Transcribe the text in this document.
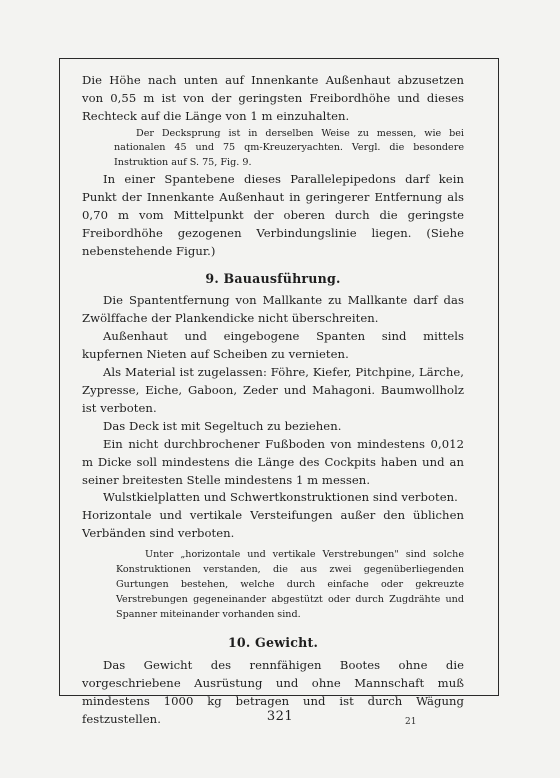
Die Höhe nach unten auf Innenkante Außenhaut abzusetzen von 0,55 m ist von der geringsten Freibordhöhe und dieses Rechteck auf die Länge von 1 m einzuhalten.

Der Decksprung ist in derselben Weise zu messen, wie bei nationalen 45 und 75 qm-Kreuzeryachten. Vergl. die besondere Instruktion auf S. 75, Fig. 9.

In einer Spantebene dieses Parallelepipedons darf kein Punkt der Innenkante Außenhaut in geringerer Entfernung als 0,70 m vom Mittelpunkt der oberen durch die geringste Freibordhöhe gezogenen Verbindungslinie liegen. (Siehe nebenstehende Figur.)

9. Bauausführung.

Die Spantentfernung von Mallkante zu Mallkante darf das Zwölffache der Plankendicke nicht überschreiten.

Außenhaut und eingebogene Spanten sind mittels kupfernen Nieten auf Scheiben zu vernieten.

Als Material ist zugelassen: Föhre, Kiefer, Pitchpine, Lärche, Zypresse, Eiche, Gaboon, Zeder und Mahagoni. Baumwollholz ist verboten.

Das Deck ist mit Segeltuch zu beziehen.

Ein nicht durchbrochener Fußboden von mindestens 0,012 m Dicke soll mindestens die Länge des Cockpits haben und an seiner breitesten Stelle mindestens 1 m messen.

Wulstkielplatten und Schwertkonstruktionen sind verboten.

Horizontale und vertikale Versteifungen außer den üblichen Verbänden sind verboten.

Unter „horizontale und vertikale Verstrebungen" sind solche Konstruktionen verstanden, die aus zwei gegenüberliegenden Gurtungen bestehen, welche durch einfache oder gekreuzte Verstrebungen gegeneinander abgestützt oder durch Zugdrähte und Spanner miteinander vorhanden sind.

10. Gewicht.

Das Gewicht des rennfähigen Bootes ohne die vorgeschriebene Ausrüstung und ohne Mannschaft muß mindestens 1000 kg betragen und ist durch Wägung festzustellen.	321	21
